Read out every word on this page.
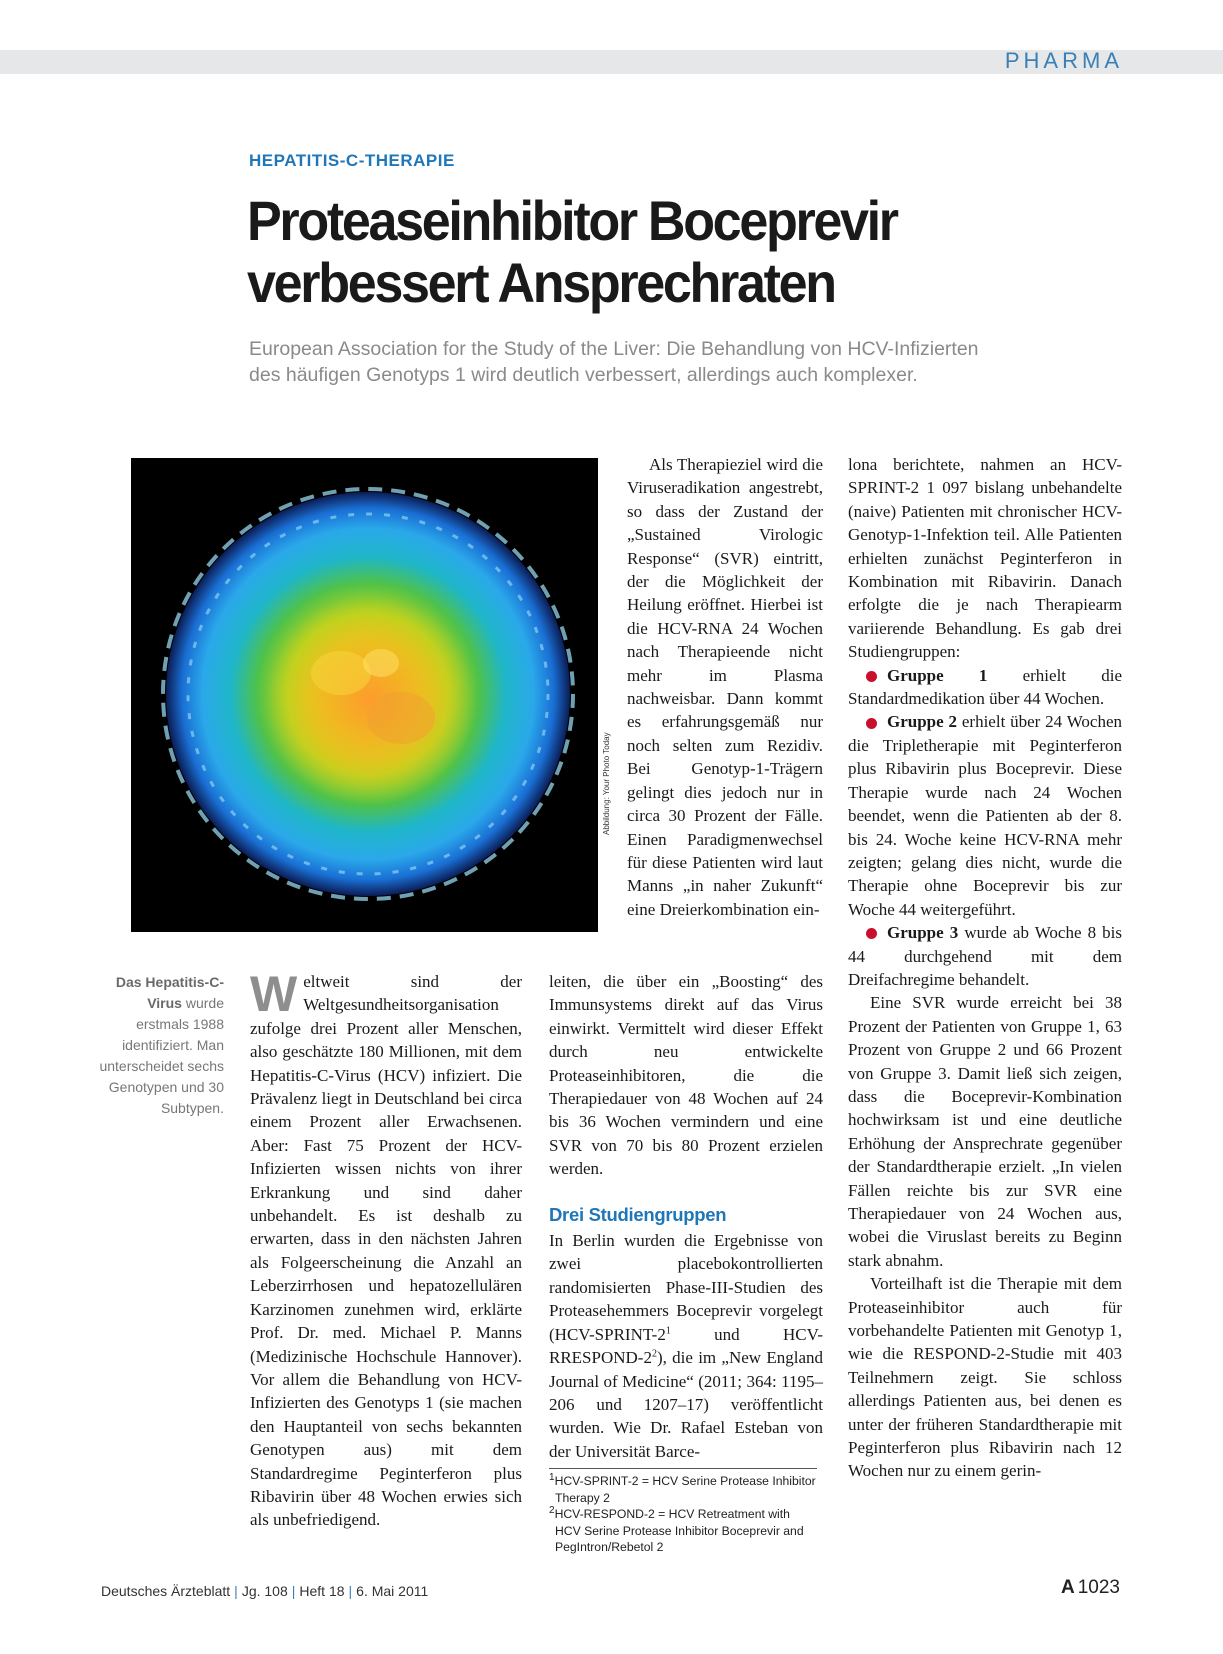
PHARMA
HEPATITIS-C-THERAPIE
Proteaseinhibitor Boceprevir
verbessert Ansprechraten
European Association for the Study of the Liver: Die Behandlung von HCV-Infizierten
des häufigen Genotyps 1 wird deutlich verbessert, allerdings auch komplexer.
Abbildung: Your Photo Today
Das Hepatitis-C-Virus wurde erstmals 1988 identifiziert. Man unterscheidet sechs Genotypen und 30 Subtypen.

Weltweit sind der Weltgesundheitsorganisation zufolge drei Prozent aller Menschen, also geschätzte 180 Millionen, mit dem Hepatitis-C-Virus (HCV) infiziert. Die Prävalenz liegt in Deutschland bei circa einem Prozent aller Erwachsenen. Aber: Fast 75 Prozent der HCV-Infizierten wissen nichts von ihrer Erkrankung und sind daher unbehandelt. Es ist deshalb zu erwarten, dass in den nächsten Jahren als Folgeerscheinung die Anzahl an Leberzirrhosen und hepatozellulären Karzinomen zunehmen wird, erklärte Prof. Dr. med. Michael P. Manns (Medizinische Hochschule Hannover). Vor allem die Behandlung von HCV-Infizierten des Genotyps 1 (sie machen den Hauptanteil von sechs bekannten Genotypen aus) mit dem Standardregime Peginterferon plus Ribavirin über 48 Wochen erwies sich als unbefriedigend.

Als Therapieziel wird die Viruseradikation angestrebt, so dass der Zustand der „Sustained Virologic Response“ (SVR) eintritt, der die Möglichkeit der Heilung eröffnet. Hierbei ist die HCV-RNA 24 Wochen nach Therapieende nicht mehr im Plasma nachweisbar. Dann kommt es erfahrungsgemäß nur noch selten zum Rezidiv. Bei Genotyp-1-Trägern gelingt dies jedoch nur in circa 30 Prozent der Fälle. Einen Paradigmenwechsel für diese Patienten wird laut Manns „in naher Zukunft“ eine Dreierkombination ein-

leiten, die über ein „Boosting“ des Immunsystems direkt auf das Virus einwirkt. Vermittelt wird dieser Effekt durch neu entwickelte Proteaseinhibitoren, die die Therapiedauer von 48 Wochen auf 24 bis 36 Wochen vermindern und eine SVR von 70 bis 80 Prozent erzielen werden.

Drei Studiengruppen

In Berlin wurden die Ergebnisse von zwei placebokontrollierten randomisierten Phase-III-Studien des Proteasehemmers Boceprevir vorgelegt ($HCV-SPRINT-2^1$ und HCV-$RRESPOND-2^2$), die im „New England Journal of Medicine“ (2011; 364: 1195–206 und 1207–17) veröffentlicht wurden. Wie Dr. Rafael Esteban von der Universität Barce-

$^1$HCV-SPRINT-2 = HCV Serine Protease Inhibitor Therapy 2

$^2$HCV-RESPOND-2 = HCV Retreatment with HCV Serine Protease Inhibitor Boceprevir and PegIntron/Rebetol 2

lona berichtete, nahmen an HCV-SPRINT-2 1 097 bislang unbehandelte (naive) Patienten mit chronischer HCV-Genotyp-1-Infektion teil. Alle Patienten erhielten zunächst Peginterferon in Kombination mit Ribavirin. Danach erfolgte die je nach Therapiearm variierende Behandlung. Es gab drei Studiengruppen:

Gruppe 1 erhielt die Standardmedikation über 44 Wochen.

Gruppe 2 erhielt über 24 Wochen die Tripletherapie mit Peginterferon plus Ribavirin plus Boceprevir. Diese Therapie wurde nach 24 Wochen beendet, wenn die Patienten ab der 8. bis 24. Woche keine HCV-RNA mehr zeigten; gelang dies nicht, wurde die Therapie ohne Boceprevir bis zur Woche 44 weitergeführt.

Gruppe 3 wurde ab Woche 8 bis 44 durchgehend mit dem Dreifachregime behandelt.

Eine SVR wurde erreicht bei 38 Prozent der Patienten von Gruppe 1, 63 Prozent von Gruppe 2 und 66 Prozent von Gruppe 3. Damit ließ sich zeigen, dass die Boceprevir-Kombination hochwirksam ist und eine deutliche Erhöhung der Ansprechrate gegenüber der Standardtherapie erzielt. „In vielen Fällen reichte bis zur SVR eine Therapiedauer von 24 Wochen aus, wobei die Viruslast bereits zu Beginn stark abnahm.

Vorteilhaft ist die Therapie mit dem Proteaseinhibitor auch für vorbehandelte Patienten mit Genotyp 1, wie die RESPOND-2-Studie mit 403 Teilnehmern zeigt. Sie schloss allerdings Patienten aus, bei denen es unter der früheren Standardtherapie mit Peginterferon plus Ribavirin nach 12 Wochen nur zu einem gerin-

Deutsches Ärzteblatt | Jg. 108 | Heft 18 | 6. Mai 2011	A 1023
